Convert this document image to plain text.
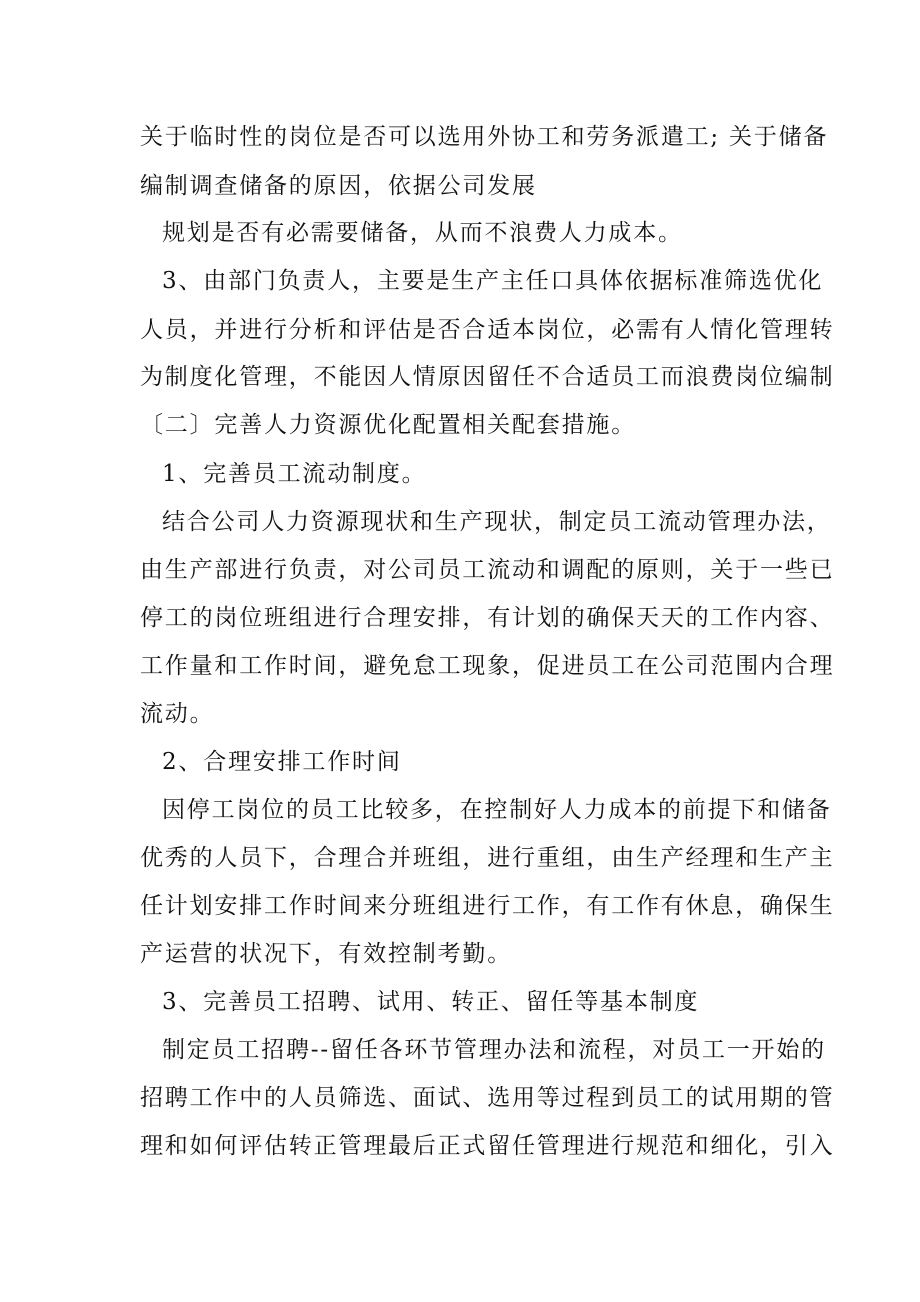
关于临时性的岗位是否可以选用外协工和劳务派遣工; 关于储备
编制调查储备的原因，依据公司发展
规划是否有必需要储备，从而不浪费人力成本。
3、由部门负责人，主要是生产主任口具体依据标准筛选优化
人员，并进行分析和评估是否合适本岗位，必需有人情化管理转
为制度化管理，不能因人情原因留任不合适员工而浪费岗位编制
〔二〕完善人力资源优化配置相关配套措施。
1、完善员工流动制度。
结合公司人力资源现状和生产现状，制定员工流动管理办法，
由生产部进行负责，对公司员工流动和调配的原则，关于一些已
停工的岗位班组进行合理安排，有计划的确保天天的工作内容、
工作量和工作时间，避免怠工现象，促进员工在公司范围内合理
流动。
2、合理安排工作时间
因停工岗位的员工比较多，在控制好人力成本的前提下和储备
优秀的人员下，合理合并班组，进行重组，由生产经理和生产主
任计划安排工作时间来分班组进行工作，有工作有休息，确保生
产运营的状况下，有效控制考勤。
3、完善员工招聘、试用、转正、留任等基本制度
制定员工招聘--留任各环节管理办法和流程，对员工一开始的
招聘工作中的人员筛选、面试、选用等过程到员工的试用期的管
理和如何评估转正管理最后正式留任管理进行规范和细化，引入
